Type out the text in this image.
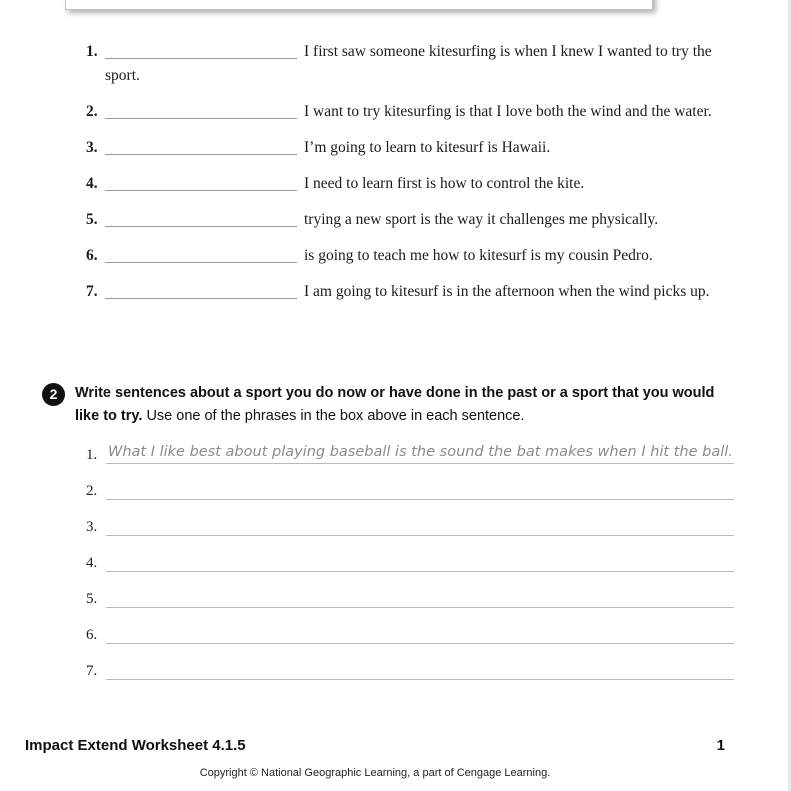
1.	I first saw someone kitesurfing is when I knew I wanted to try the sport.
2.	I want to try kitesurfing is that I love both the wind and the water.
3.	I’m going to learn to kitesurf is Hawaii.
4.	I need to learn first is how to control the kite.
5.	trying a new sport is the way it challenges me physically.
6.	is going to teach me how to kitesurf is my cousin Pedro.
7.	I am going to kitesurf is in the afternoon when the wind picks up.
2	Write sentences about a sport you do now or have done in the past or a sport that you would like to try. Use one of the phrases in the box above in each sentence.

1. What I like best about playing baseball is the sound the bat makes when I hit the ball.
2.
3.
4.
5.
6.
7.
Impact Extend Worksheet 4.1.5	1
Copyright © National Geographic Learning, a part of Cengage Learning.
